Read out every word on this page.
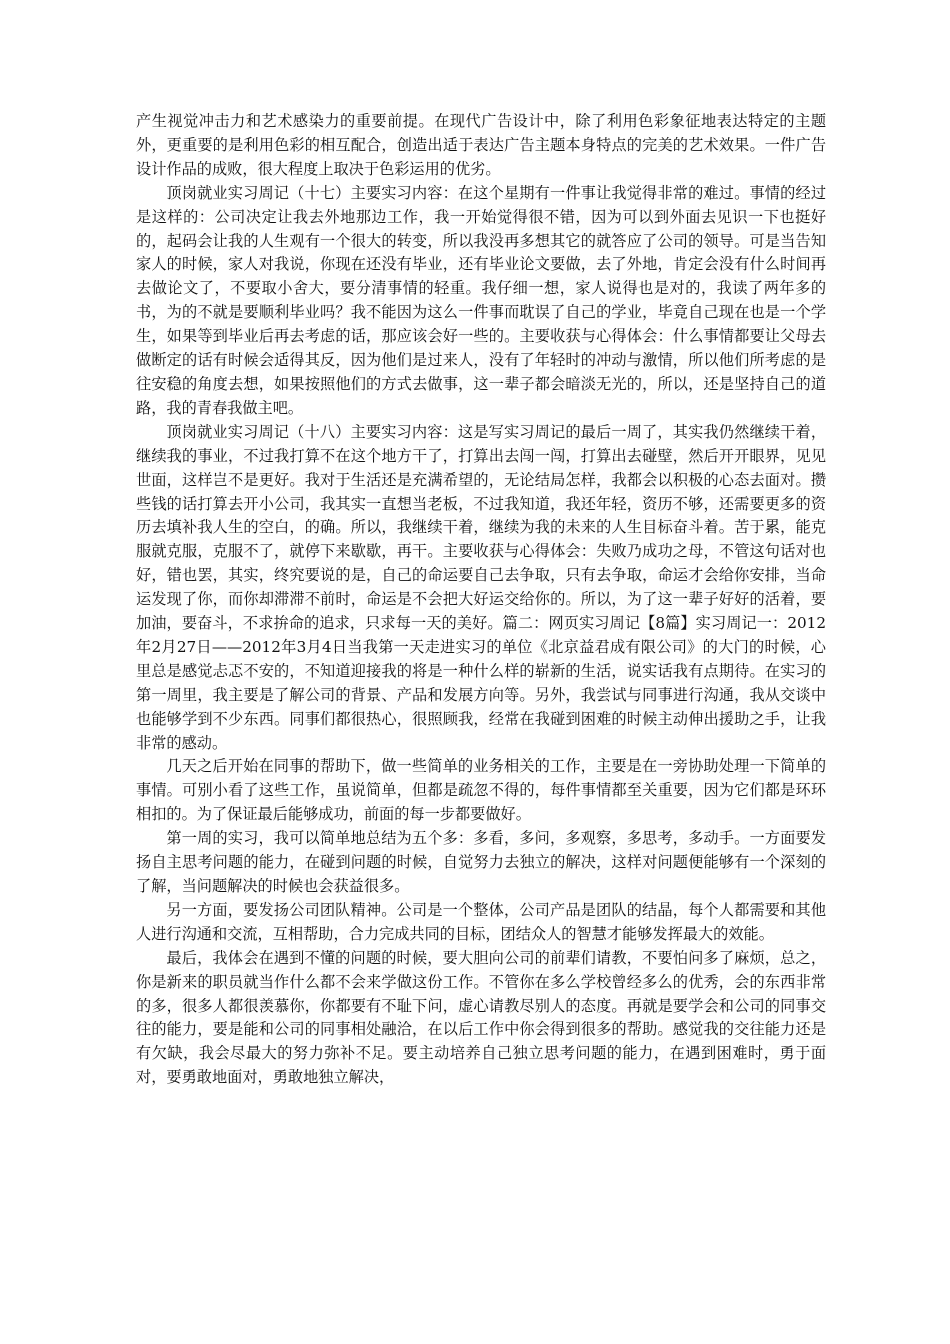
产生视觉冲击力和艺术感染力的重要前提。在现代广告设计中，除了利用色彩象征地表达特定的主题外，更重要的是利用色彩的相互配合，创造出适于表达广告主题本身特点的完美的艺术效果。一件广告设计作品的成败，很大程度上取决于色彩运用的优劣。

顶岗就业实习周记（十七）主要实习内容：在这个星期有一件事让我觉得非常的难过。事情的经过是这样的：公司决定让我去外地那边工作，我一开始觉得很不错，因为可以到外面去见识一下也挺好的，起码会让我的人生观有一个很大的转变，所以我没再多想其它的就答应了公司的领导。可是当告知家人的时候，家人对我说，你现在还没有毕业，还有毕业论文要做，去了外地，肯定会没有什么时间再去做论文了，不要取小舍大，要分清事情的轻重。我仔细一想，家人说得也是对的，我读了两年多的书，为的不就是要顺利毕业吗？我不能因为这么一件事而耽误了自己的学业，毕竟自己现在也是一个学生，如果等到毕业后再去考虑的话，那应该会好一些的。主要收获与心得体会：什么事情都要让父母去做断定的话有时候会适得其反，因为他们是过来人，没有了年轻时的冲动与激情，所以他们所考虑的是往安稳的角度去想，如果按照他们的方式去做事，这一辈子都会暗淡无光的，所以，还是坚持自己的道路，我的青春我做主吧。

顶岗就业实习周记（十八）主要实习内容：这是写实习周记的最后一周了，其实我仍然继续干着，继续我的事业，不过我打算不在这个地方干了，打算出去闯一闯，打算出去碰壁，然后开开眼界，见见世面，这样岂不是更好。我对于生活还是充满希望的，无论结局怎样，我都会以积极的心态去面对。攒些钱的话打算去开小公司，我其实一直想当老板，不过我知道，我还年轻，资历不够，还需要更多的资历去填补我人生的空白，的确。所以，我继续干着，继续为我的未来的人生目标奋斗着。苦于累，能克服就克服，克服不了，就停下来歇歇，再干。主要收获与心得体会：失败乃成功之母，不管这句话对也好，错也罢，其实，终究要说的是，自己的命运要自己去争取，只有去争取，命运才会给你安排，当命运发现了你，而你却滞滞不前时，命运是不会把大好运交给你的。所以，为了这一辈子好好的活着，要加油，要奋斗，不求拚命的追求，只求每一天的美好。篇二：网页实习周记【8篇】实习周记一：2012年2月27日——2012年3月4日当我第一天走进实习的单位《北京益君成有限公司》的大门的时候，心里总是感觉忐忑不安的，不知道迎接我的将是一种什么样的崭新的生活，说实话我有点期待。在实习的第一周里，我主要是了解公司的背景、产品和发展方向等。另外，我尝试与同事进行沟通，我从交谈中也能够学到不少东西。同事们都很热心，很照顾我，经常在我碰到困难的时候主动伸出援助之手，让我非常的感动。

几天之后开始在同事的帮助下，做一些简单的业务相关的工作，主要是在一旁协助处理一下简单的事情。可别小看了这些工作，虽说简单，但都是疏忽不得的，每件事情都至关重要，因为它们都是环环相扣的。为了保证最后能够成功，前面的每一步都要做好。

第一周的实习，我可以简单地总结为五个多：多看，多问，多观察，多思考，多动手。一方面要发扬自主思考问题的能力，在碰到问题的时候，自觉努力去独立的解决，这样对问题便能够有一个深刻的了解，当问题解决的时候也会获益很多。

另一方面，要发扬公司团队精神。公司是一个整体，公司产品是团队的结晶，每个人都需要和其他人进行沟通和交流，互相帮助，合力完成共同的目标，团结众人的智慧才能够发挥最大的效能。

最后，我体会在遇到不懂的问题的时候，要大胆向公司的前辈们请教，不要怕问多了麻烦，总之，你是新来的职员就当作什么都不会来学做这份工作。不管你在多么学校曾经多么的优秀，会的东西非常的多，很多人都很羡慕你，你都要有不耻下问，虚心请教尽别人的态度。再就是要学会和公司的同事交往的能力，要是能和公司的同事相处融洽，在以后工作中你会得到很多的帮助。感觉我的交往能力还是有欠缺，我会尽最大的努力弥补不足。要主动培养自己独立思考问题的能力，在遇到困难时，勇于面对，要勇敢地面对，勇敢地独立解决，
